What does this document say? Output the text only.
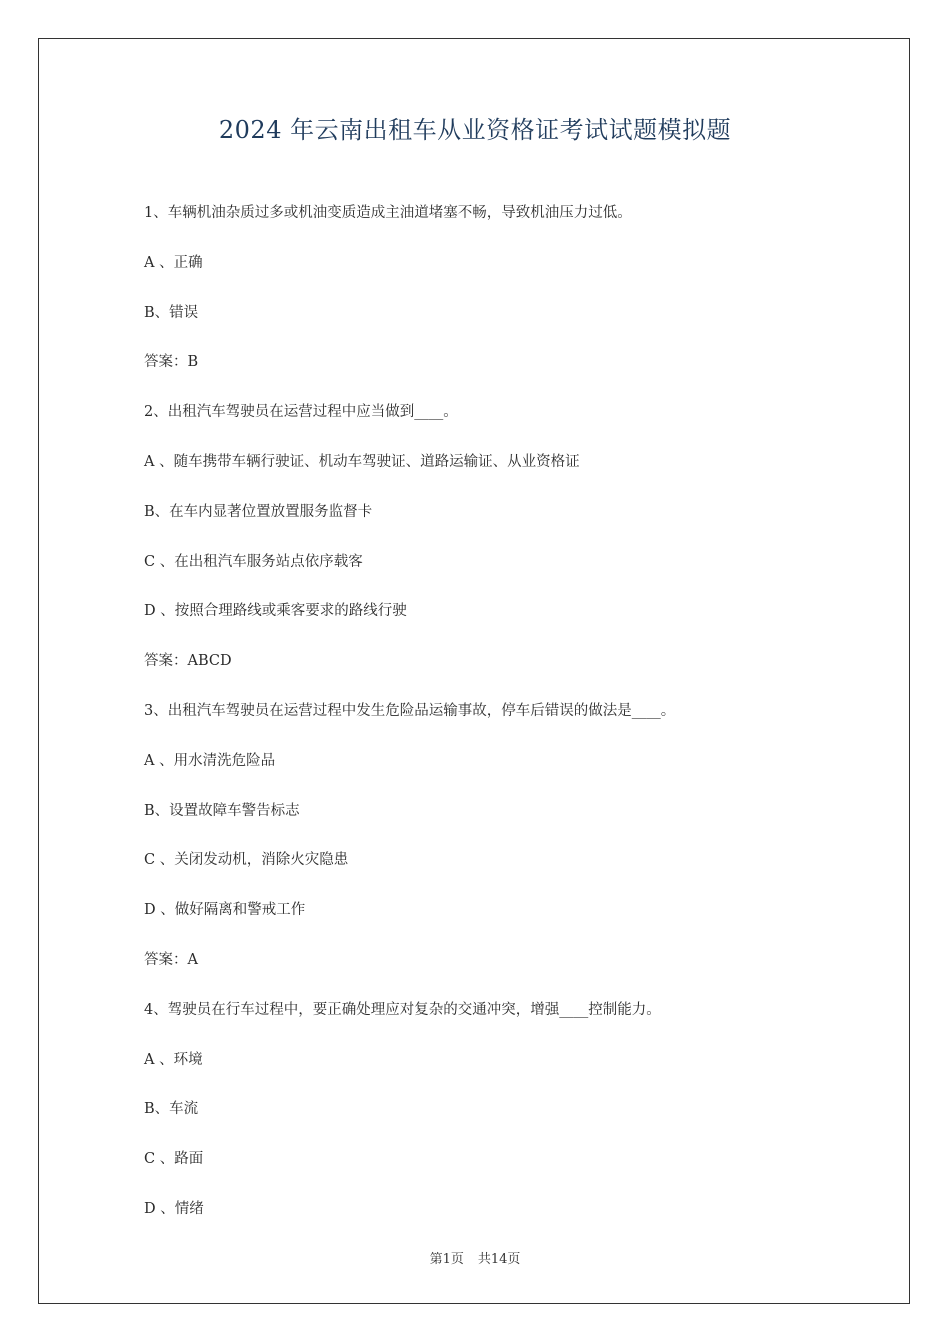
2024 年云南出租车从业资格证考试试题模拟题
1、车辆机油杂质过多或机油变质造成主油道堵塞不畅，导致机油压力过低。
A 、正确
B、错误
答案：B
2、出租汽车驾驶员在运营过程中应当做到____。
A 、随车携带车辆行驶证、机动车驾驶证、道路运输证、从业资格证
B、在车内显著位置放置服务监督卡
C 、在出租汽车服务站点依序载客
D 、按照合理路线或乘客要求的路线行驶
答案：ABCD
3、出租汽车驾驶员在运营过程中发生危险品运输事故，停车后错误的做法是____。
A 、用水清洗危险品
B、设置故障车警告标志
C 、关闭发动机，消除火灾隐患
D 、做好隔离和警戒工作
答案：A
4、驾驶员在行车过程中，要正确处理应对复杂的交通冲突，增强____控制能力。
A 、环境
B、车流
C 、路面
D 、情绪
第1页 共14页
